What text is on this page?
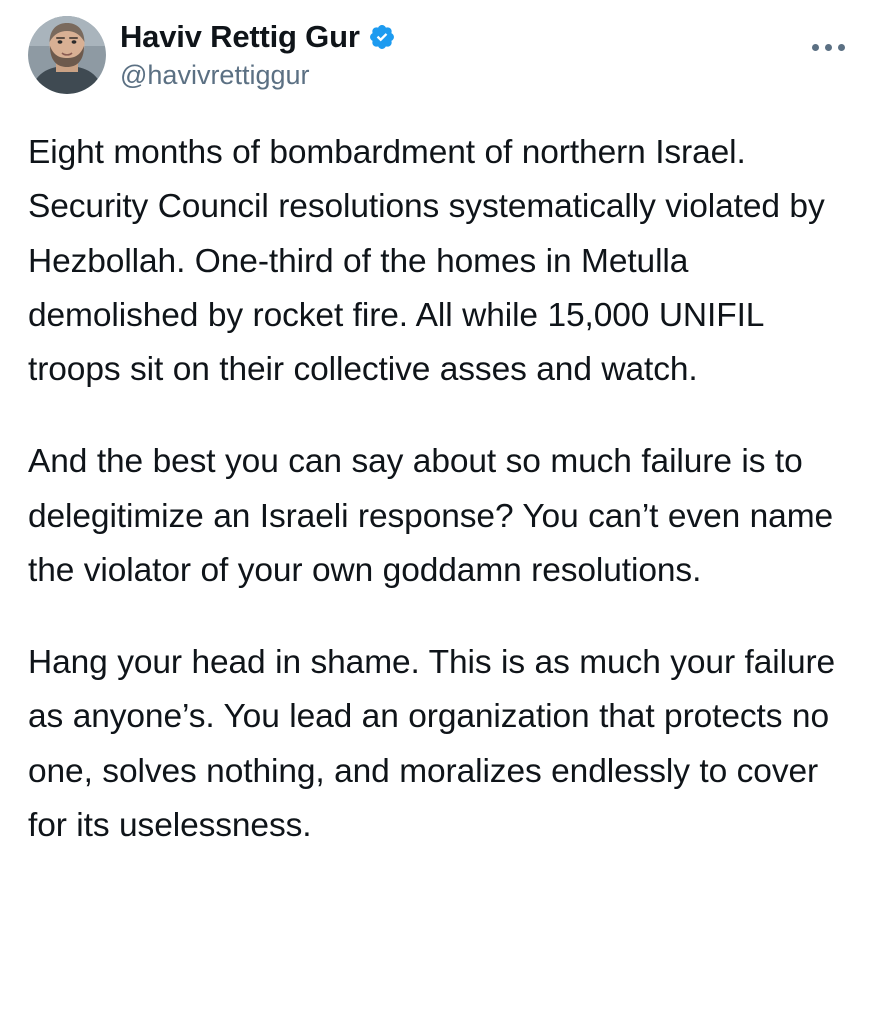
Haviv Rettig Gur
@havivrettiggur

Eight months of bombardment of northern Israel. Security Council resolutions systematically violated by Hezbollah. One-third of the homes in Metulla demolished by rocket fire. All while 15,000 UNIFIL troops sit on their collective asses and watch.

And the best you can say about so much failure is to delegitimize an Israeli response? You can’t even name the violator of your own goddamn resolutions.

Hang your head in shame. This is as much your failure as anyone’s. You lead an organization that protects no one, solves nothing, and moralizes endlessly to cover for its uselessness.
